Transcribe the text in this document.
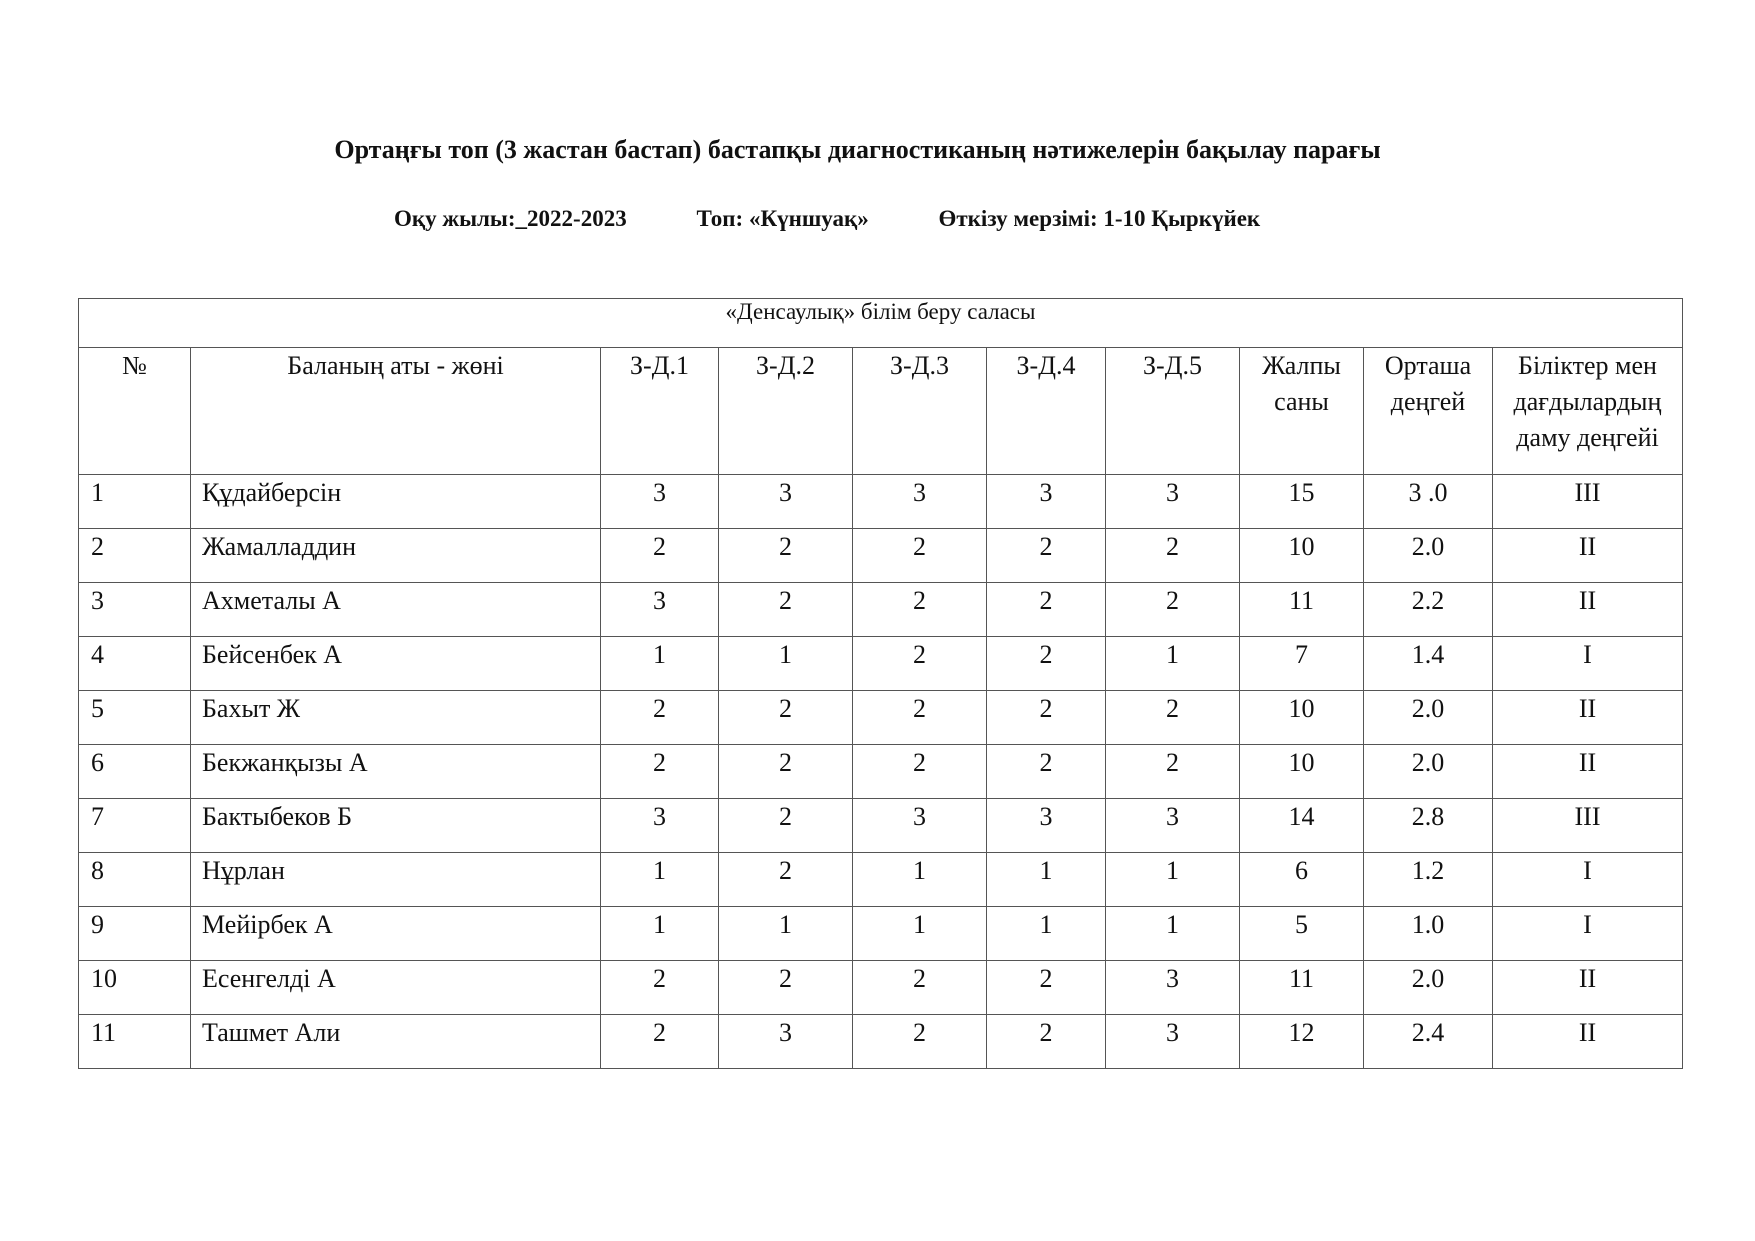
Ортаңғы топ (3 жастан бастап) бастапқы диагностиканың нәтижелерін бақылау парағы
Оқу жылы:_2022-2023	Топ: «Күншуақ»	Өткізу мерзімі: 1-10 Қыркүйек
«Денсаулық» білім беру саласы									
№	Баланың аты - жөні	З-Д.1	З-Д.2	З-Д.3	З-Д.4	З-Д.5	Жалпы саны	Орташа деңгей	Біліктер мен дағдылардың даму деңгейі
1	Құдайберсін	3	3	3	3	3	15	3 .0	III
2	Жамалладдин	2	2	2	2	2	10	2.0	II
3	Ахметалы А	3	2	2	2	2	11	2.2	II
4	Бейсенбек А	1	1	2	2	1	7	1.4	I
5	Бахыт Ж	2	2	2	2	2	10	2.0	II
6	Бекжанқызы А	2	2	2	2	2	10	2.0	II
7	Бактыбеков Б	3	2	3	3	3	14	2.8	III
8	Нұрлан	1	2	1	1	1	6	1.2	I
9	Мейірбек А	1	1	1	1	1	5	1.0	I
10	Есенгелді А	2	2	2	2	3	11	2.0	II
11	Ташмет Али	2	3	2	2	3	12	2.4	II
